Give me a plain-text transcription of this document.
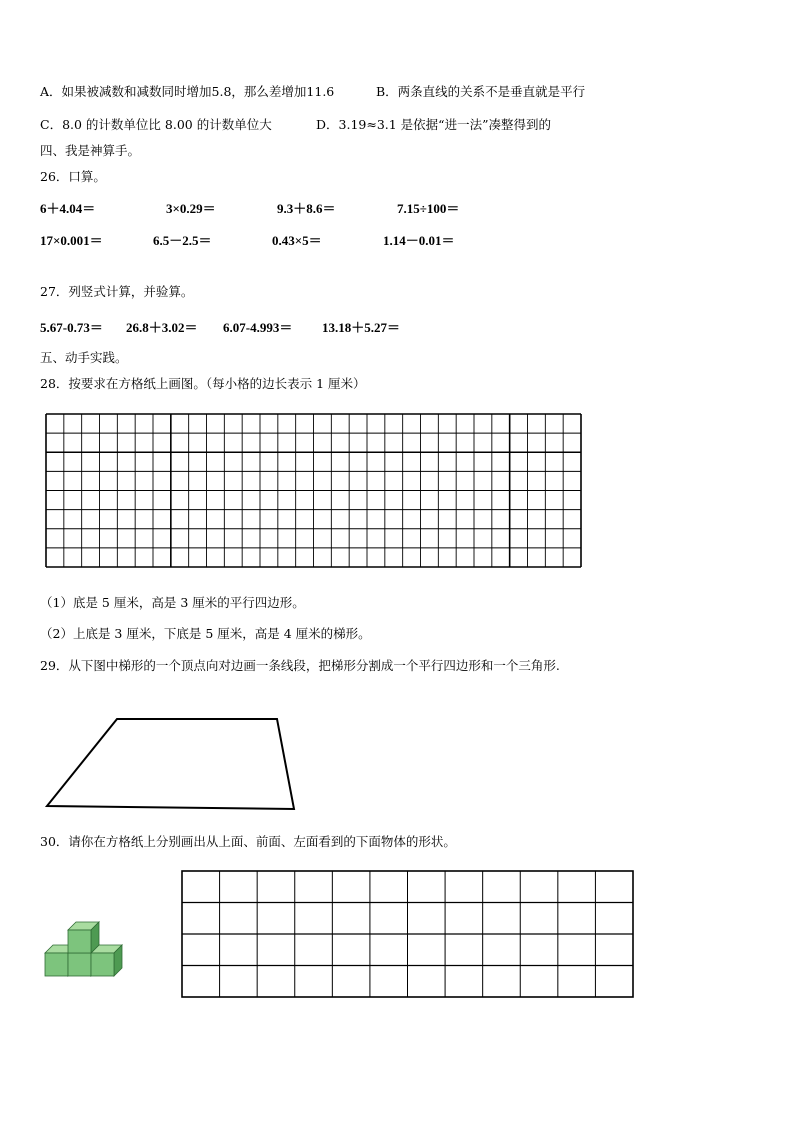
A．如果被减数和减数同时增加5.8，那么差增加11.6	B．两条直线的关系不是垂直就是平行
C．8.0 的计数单位比 8.00 的计数单位大	D．3.19≈3.1 是依据“进一法”凑整得到的
四、我是神算手。
26．口算。
6＋4.04＝	3×0.29＝	9.3＋8.6＝	7.15÷100＝
17×0.001＝	6.5－2.5＝	0.43×5＝	1.14－0.01＝
27．列竖式计算，并验算。
5.67-0.73＝ 26.8＋3.02＝ 6.07-4.993＝ 13.18＋5.27＝
五、动手实践。
28．按要求在方格纸上画图。（每小格的边长表示 1 厘米）
（1）底是 5 厘米，高是 3 厘米的平行四边形。
（2）上底是 3 厘米，下底是 5 厘米，高是 4 厘米的梯形。
29．从下图中梯形的一个顶点向对边画一条线段，把梯形分割成一个平行四边形和一个三角形.
30．请你在方格纸上分别画出从上面、前面、左面看到的下面物体的形状。
